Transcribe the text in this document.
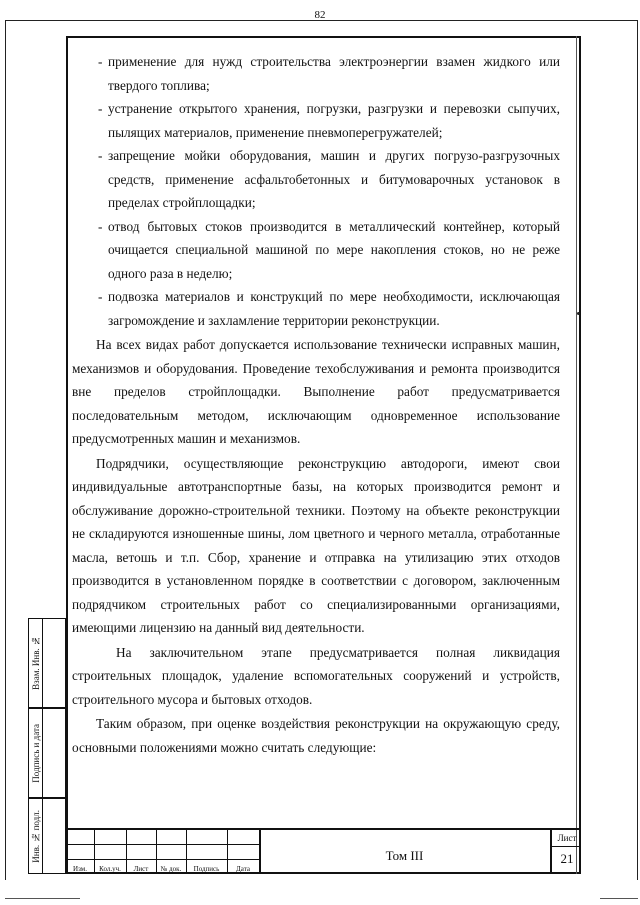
82
Взам. Инв. №
Подпись и дата
Инв. № подл.
- применение для нужд строительства электроэнергии взамен жидкого или твердого топлива;
- устранение открытого хранения, погрузки, разгрузки и перевозки сыпучих, пылящих материалов, применение пневмоперегружателей;
- запрещение мойки оборудования, машин и других погрузо-разгрузочных средств, применение асфальтобетонных и битумоварочных установок в пределах стройплощадки;
- отвод бытовых стоков производится в металлический контейнер, который очищается специальной машиной по мере накопления стоков, но не реже одного раза в неделю;
- подвозка материалов и конструкций по мере необходимости, исключающая загромождение и захламление территории реконструкции.

На всех видах работ допускается использование технически исправных машин, механизмов и оборудования. Проведение техобслуживания и ремонта производится вне пределов стройплощадки. Выполнение работ предусматривается последовательным методом, исключающим одновременное использование предусмотренных машин и механизмов.

Подрядчики, осуществляющие реконструкцию автодороги, имеют свои индивидуальные автотранспортные базы, на которых производится ремонт и обслуживание дорожно-строительной техники. Поэтому на объекте реконструкции не складируются изношенные шины, лом цветного и черного металла, отработанные масла, ветошь и т.п. Сбор, хранение и отправка на утилизацию этих отходов производится в установленном порядке в соответствии с договором, заключенным подрядчиком строительных работ со специализированными организациями, имеющими лицензию на данный вид деятельности.

На заключительном этапе предусматривается полная ликвидация строительных площадок, удаление вспомогательных сооружений и устройств, строительного мусора и бытовых отходов.

Таким образом, при оценке воздействия реконструкции на окружающую среду, основными положениями можно считать следующие:

Изм.	Кол.уч.	Лист	№ док.	Подпись	Дата
Том III
Лист
21
